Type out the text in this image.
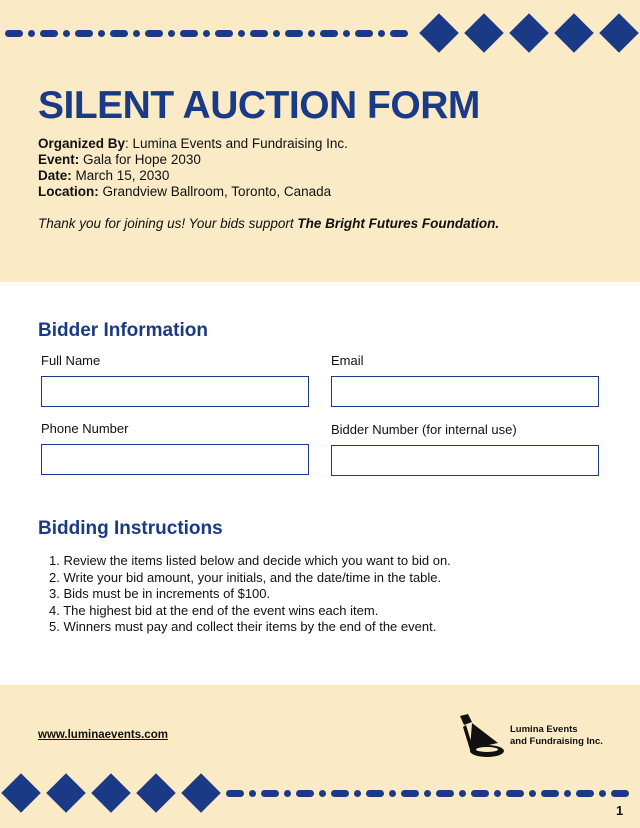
SILENT AUCTION FORM
Organized By: Lumina Events and Fundraising Inc.
Event: Gala for Hope 2030
Date: March 15, 2030
Location: Grandview Ballroom, Toronto, Canada
Thank you for joining us! Your bids support The Bright Futures Foundation.
Bidder Information
Full Name	Email
Phone Number	Bidder Number (for internal use)
Bidding Instructions
1. Review the items listed below and decide which you want to bid on.
2. Write your bid amount, your initials, and the date/time in the table.
3. Bids must be in increments of $100.
4. The highest bid at the end of the event wins each item.
5. Winners must pay and collect their items by the end of the event.
www.luminaevents.com	Lumina Events
and Fundraising Inc.
1
